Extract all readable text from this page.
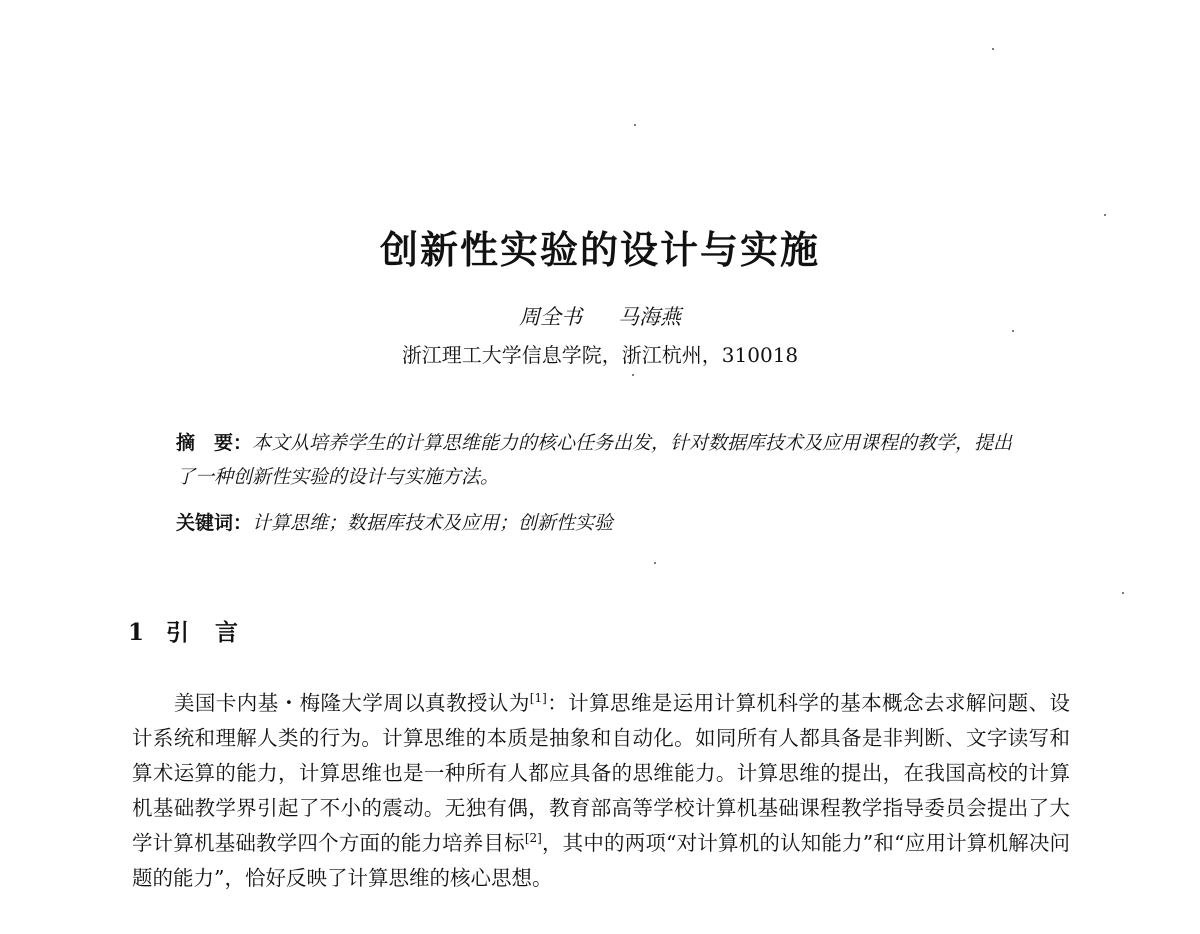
创新性实验的设计与实施
周全书 马海燕
浙江理工大学信息学院，浙江杭州，310018

摘　要：本文从培养学生的计算思维能力的核心任务出发，针对数据库技术及应用课程的教学，提出了一种创新性实验的设计与实施方法。

关键词：计算思维；数据库技术及应用；创新性实验
1 引 言

美国卡内基・梅隆大学周以真教授认为[1]：计算思维是运用计算机科学的基本概念去求解问题、设计系统和理解人类的行为。计算思维的本质是抽象和自动化。如同所有人都具备是非判断、文字读写和算术运算的能力，计算思维也是一种所有人都应具备的思维能力。计算思维的提出，在我国高校的计算机基础教学界引起了不小的震动。无独有偶，教育部高等学校计算机基础课程教学指导委员会提出了大学计算机基础教学四个方面的能力培养目标[2]，其中的两项“对计算机的认知能力”和“应用计算机解决问题的能力”，恰好反映了计算思维的核心思想。
